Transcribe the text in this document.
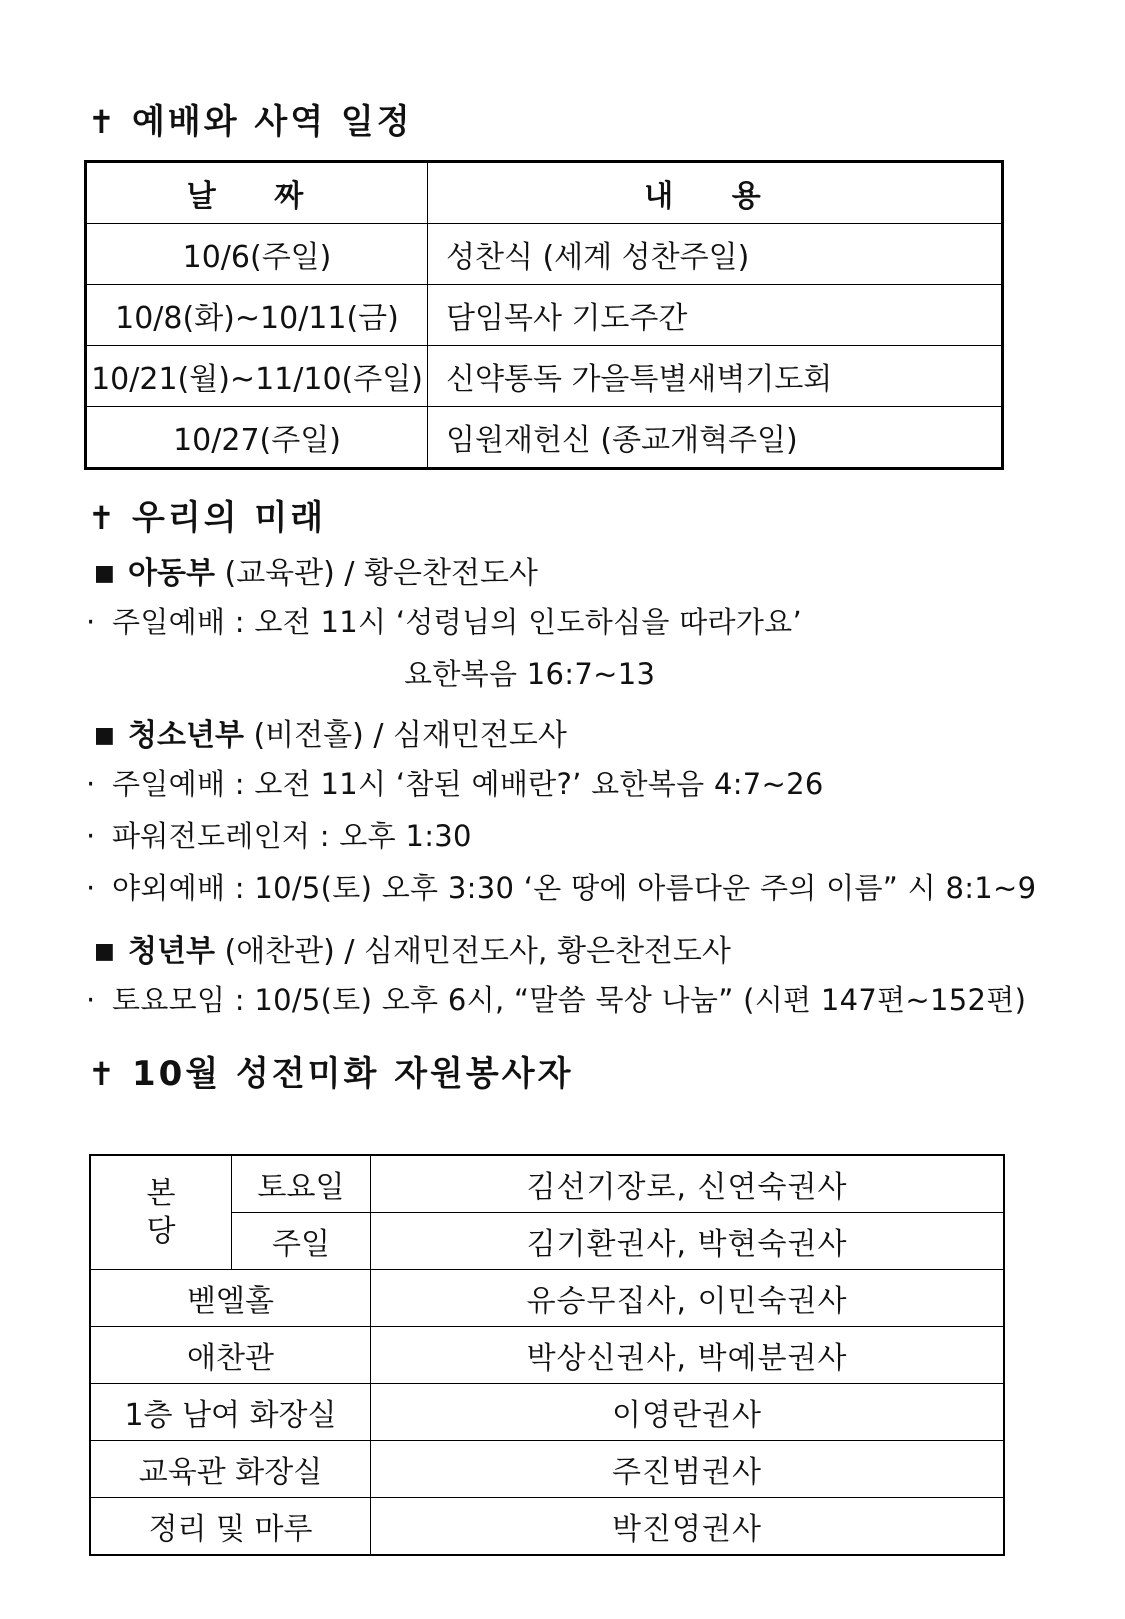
✝ 예배와 사역 일정
날 짜	내 용
10/6(주일)	성찬식 (세계 성찬주일)
10/8(화)~10/11(금)	담임목사 기도주간
10/21(월)~11/10(주일)	신약통독 가을특별새벽기도회
10/27(주일)	임원재헌신 (종교개혁주일)
✝ 우리의 미래
■ 아동부 (교육관) / 황은찬전도사
· 주일예배 : 오전 11시 ‘성령님의 인도하심을 따라가요’
요한복음 16:7~13
■ 청소년부 (비전홀) / 심재민전도사
· 주일예배 : 오전 11시 ‘참된 예배란?’ 요한복음 4:7~26
· 파워전도레인저 : 오후 1:30
· 야외예배 : 10/5(토) 오후 3:30 ‘온 땅에 아름다운 주의 이름” 시 8:1~9
■ 청년부 (애찬관) / 심재민전도사, 황은찬전도사
· 토요모임 : 10/5(토) 오후 6시, “말씀 묵상 나눔” (시편 147편~152편)
✝ 10월 성전미화 자원봉사자
본
당	토요일	김선기장로, 신연숙권사
	주일	김기환권사, 박현숙권사
벧엘홀		유승무집사, 이민숙권사
애찬관		박상신권사, 박예분권사
1층 남여 화장실		이영란권사
교육관 화장실		주진범권사
정리 및 마루		박진영권사
